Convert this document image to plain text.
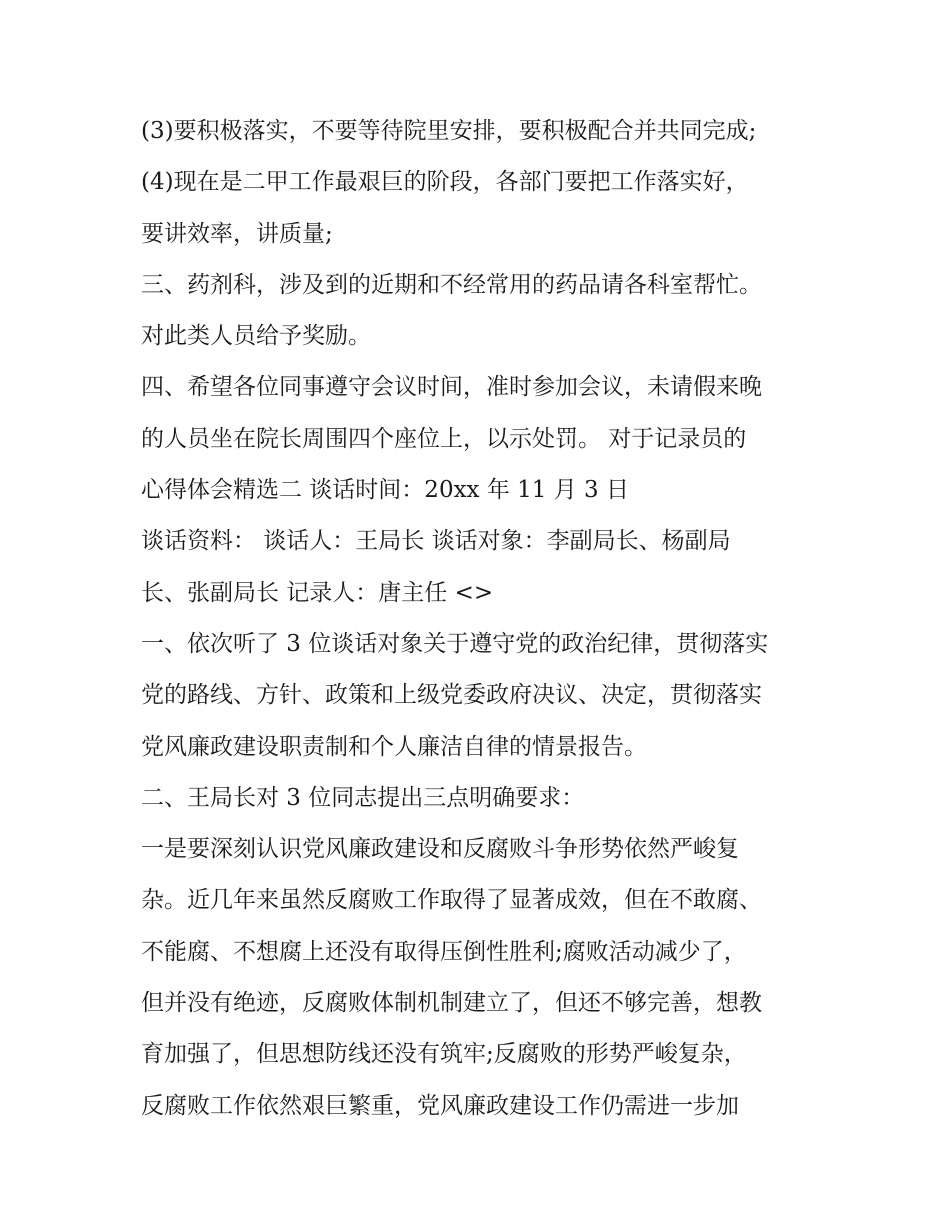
(3)要积极落实，不要等待院里安排，要积极配合并共同完成;
(4)现在是二甲工作最艰巨的阶段，各部门要把工作落实好，
要讲效率，讲质量;
三、药剂科，涉及到的近期和不经常用的药品请各科室帮忙。
对此类人员给予奖励。
四、希望各位同事遵守会议时间，准时参加会议，未请假来晚
的人员坐在院长周围四个座位上，以示处罚。 对于记录员的
心得体会精选二 谈话时间：20xx 年 11 月 3 日
谈话资料： 谈话人：王局长 谈话对象：李副局长、杨副局
长、张副局长 记录人：唐主任 <>
一、依次听了 3 位谈话对象关于遵守党的政治纪律，贯彻落实
党的路线、方针、政策和上级党委政府决议、决定，贯彻落实
党风廉政建设职责制和个人廉洁自律的情景报告。
二、王局长对 3 位同志提出三点明确要求：
一是要深刻认识党风廉政建设和反腐败斗争形势依然严峻复
杂。近几年来虽然反腐败工作取得了显著成效，但在不敢腐、
不能腐、不想腐上还没有取得压倒性胜利;腐败活动减少了，
但并没有绝迹，反腐败体制机制建立了，但还不够完善，想教
育加强了，但思想防线还没有筑牢;反腐败的形势严峻复杂，
反腐败工作依然艰巨繁重，党风廉政建设工作仍需进一步加
